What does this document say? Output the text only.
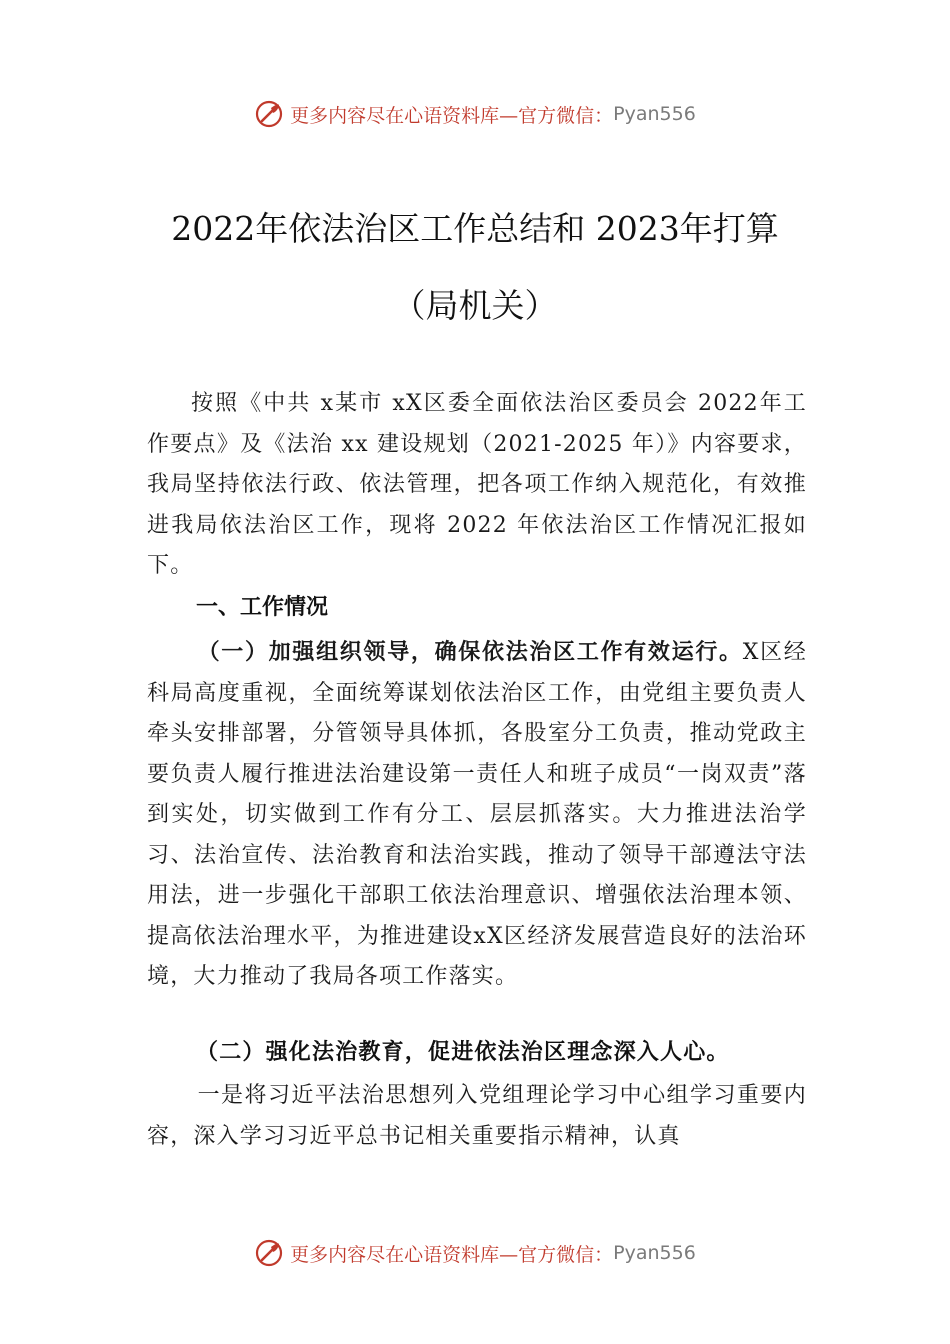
更多内容尽在心语资料库—官方微信： Pyan556
2022年依法治区工作总结和 2023年打算
（局机关）
按照《中共 x某市 xX区委全面依法治区委员会 2022年工作要点》及《法治 xx 建设规划（2021-2025 年）》内容要求，我局坚持依法行政、依法管理，把各项工作纳入规范化，有效推进我局依法治区工作，现将 2022 年依法治区工作情况汇报如下。
一、工作情况
（一）加强组织领导，确保依法治区工作有效运行。X区经科局高度重视，全面统筹谋划依法治区工作，由党组主要负责人牵头安排部署，分管领导具体抓，各股室分工负责，推动党政主要负责人履行推进法治建设第一责任人和班子成员“一岗双责”落到实处，切实做到工作有分工、层层抓落实。大力推进法治学习、法治宣传、法治教育和法治实践，推动了领导干部遵法守法用法，进一步强化干部职工依法治理意识、增强依法治理本领、提高依法治理水平，为推进建设xX区经济发展营造良好的法治环境，大力推动了我局各项工作落实。
（二）强化法治教育，促进依法治区理念深入人心。
一是将习近平法治思想列入党组理论学习中心组学习重要内容，深入学习习近平总书记相关重要指示精神，认真
更多内容尽在心语资料库—官方微信： Pyan556
